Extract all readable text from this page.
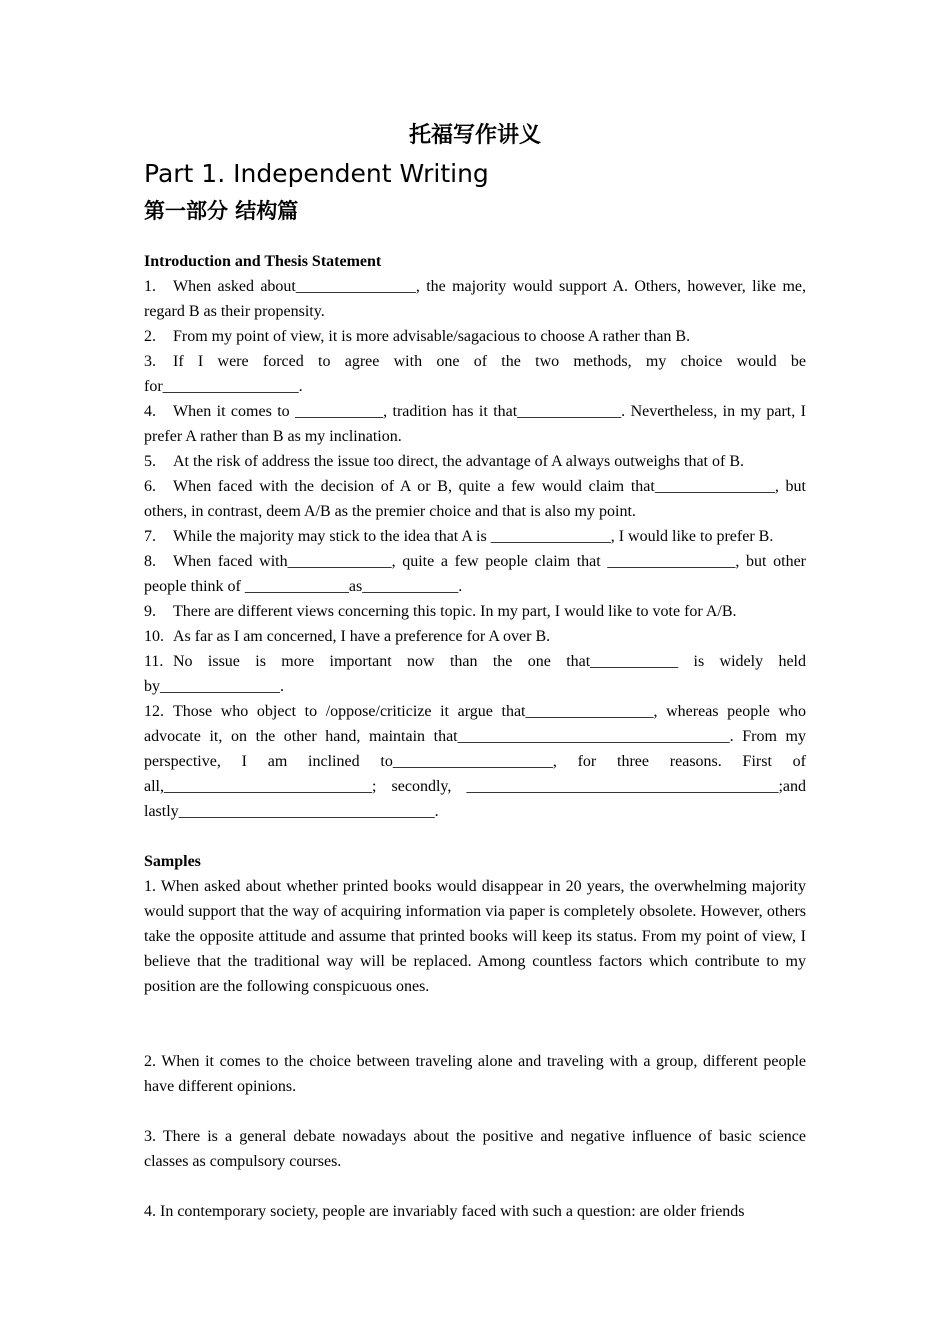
托福写作讲义
Part 1. Independent Writing
第一部分 结构篇

Introduction and Thesis Statement

1. When asked about_______________, the majority would support A. Others, however, like me, regard B as their propensity.

2. From my point of view, it is more advisable/sagacious to choose A rather than B.

3. If I were forced to agree with one of the two methods, my choice would be for_________________.

4. When it comes to ___________, tradition has it that_____________. Nevertheless, in my part, I prefer A rather than B as my inclination.

5. At the risk of address the issue too direct, the advantage of A always outweighs that of B.

6. When faced with the decision of A or B, quite a few would claim that_______________, but others, in contrast, deem A/B as the premier choice and that is also my point.

7. While the majority may stick to the idea that A is _______________, I would like to prefer B.

8. When faced with_____________, quite a few people claim that ________________, but other people think of _____________as____________.

9. There are different views concerning this topic. In my part, I would like to vote for A/B.

10. As far as I am concerned, I have a preference for A over B.

11. No issue is more important now than the one that___________ is widely held by_______________.

12. Those who object to /oppose/criticize it argue that________________, whereas people who advocate it, on the other hand, maintain that__________________________________. From my perspective, I am inclined to____________________, for three reasons. First of all,__________________________; secondly, _______________________________________;and lastly________________________________.

Samples

1. When asked about whether printed books would disappear in 20 years, the overwhelming majority would support that the way of acquiring information via paper is completely obsolete. However, others take the opposite attitude and assume that printed books will keep its status. From my point of view, I believe that the traditional way will be replaced. Among countless factors which contribute to my position are the following conspicuous ones.

2. When it comes to the choice between traveling alone and traveling with a group, different people have different opinions.

3. There is a general debate nowadays about the positive and negative influence of basic science classes as compulsory courses.

4. In contemporary society, people are invariably faced with such a question: are older friends
